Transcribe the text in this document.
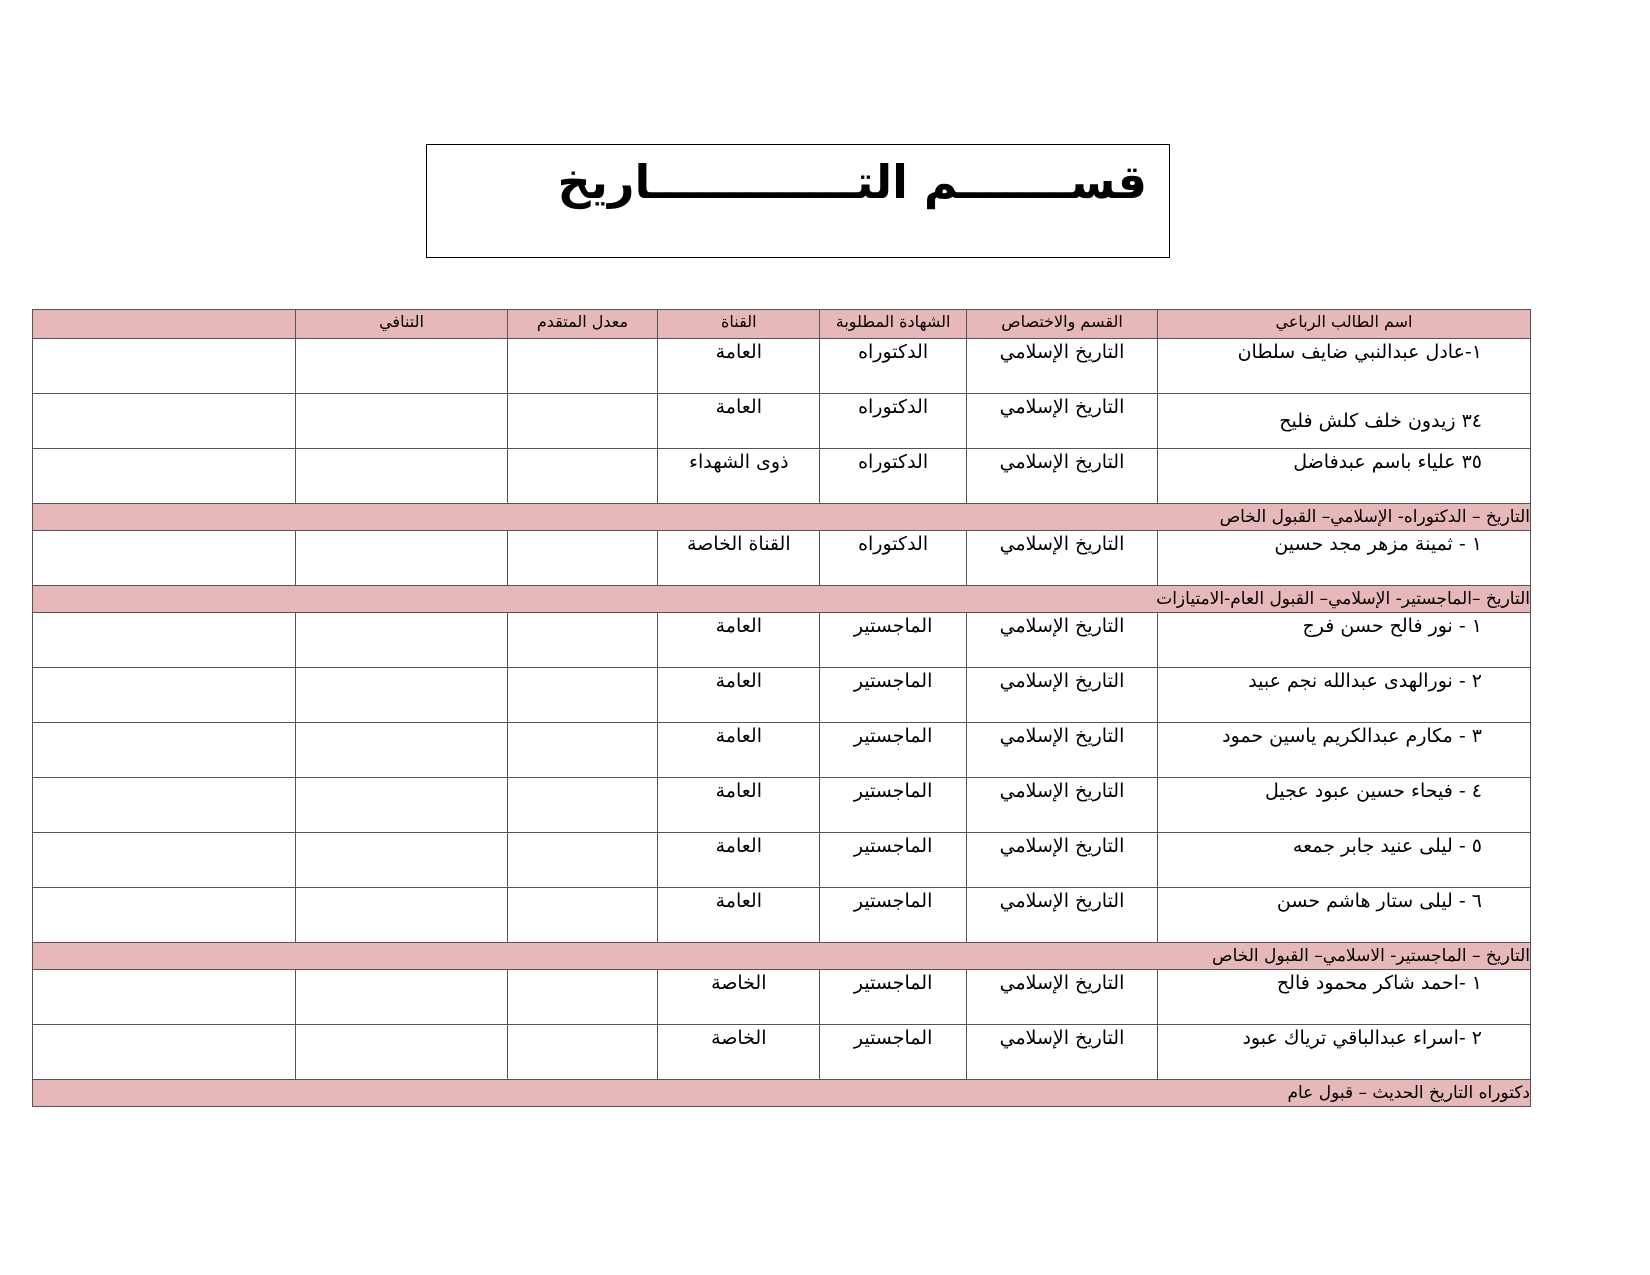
قســـــــم التـــــــــــــاريخ
اسم الطالب الرباعي	القسم والاختصاص	الشهادة المطلوبة	القناة	معدل المتقدم	التنافي	
١-عادل عبدالنبي ضايف سلطان	التاريخ الإسلامي	الدكتوراه	العامة			
٣٤ زيدون خلف كلش فليح	التاريخ الإسلامي	الدكتوراه	العامة			
٣٥ علياء باسم عبدفاضل	التاريخ الإسلامي	الدكتوراه	ذوى الشهداء			
التاريخ – الدكتوراه- الإسلامي– القبول الخاص						
١ - ثمينة مزهر مجد حسين	التاريخ الإسلامي	الدكتوراه	القناة الخاصة			
التاريخ –الماجستير- الإسلامي– القبول العام-الامتيازات						
١ - نور فالح حسن فرج	التاريخ الإسلامي	الماجستير	العامة			
٢ - نورالهدى عبدالله نجم عبيد	التاريخ الإسلامي	الماجستير	العامة			
٣ - مكارم عبدالكريم ياسين حمود	التاريخ الإسلامي	الماجستير	العامة			
٤ - فيحاء حسين عبود عجيل	التاريخ الإسلامي	الماجستير	العامة			
٥ - ليلى عنيد جابر جمعه	التاريخ الإسلامي	الماجستير	العامة			
٦ - ليلى ستار هاشم حسن	التاريخ الإسلامي	الماجستير	العامة			
التاريخ – الماجستير- الاسلامي– القبول الخاص						
١ -احمد شاكر محمود فالح	التاريخ الإسلامي	الماجستير	الخاصة			
٢ -اسراء عبدالباقي ترياك عبود	التاريخ الإسلامي	الماجستير	الخاصة			
دكتوراه التاريخ الحديث – قبول عام						
